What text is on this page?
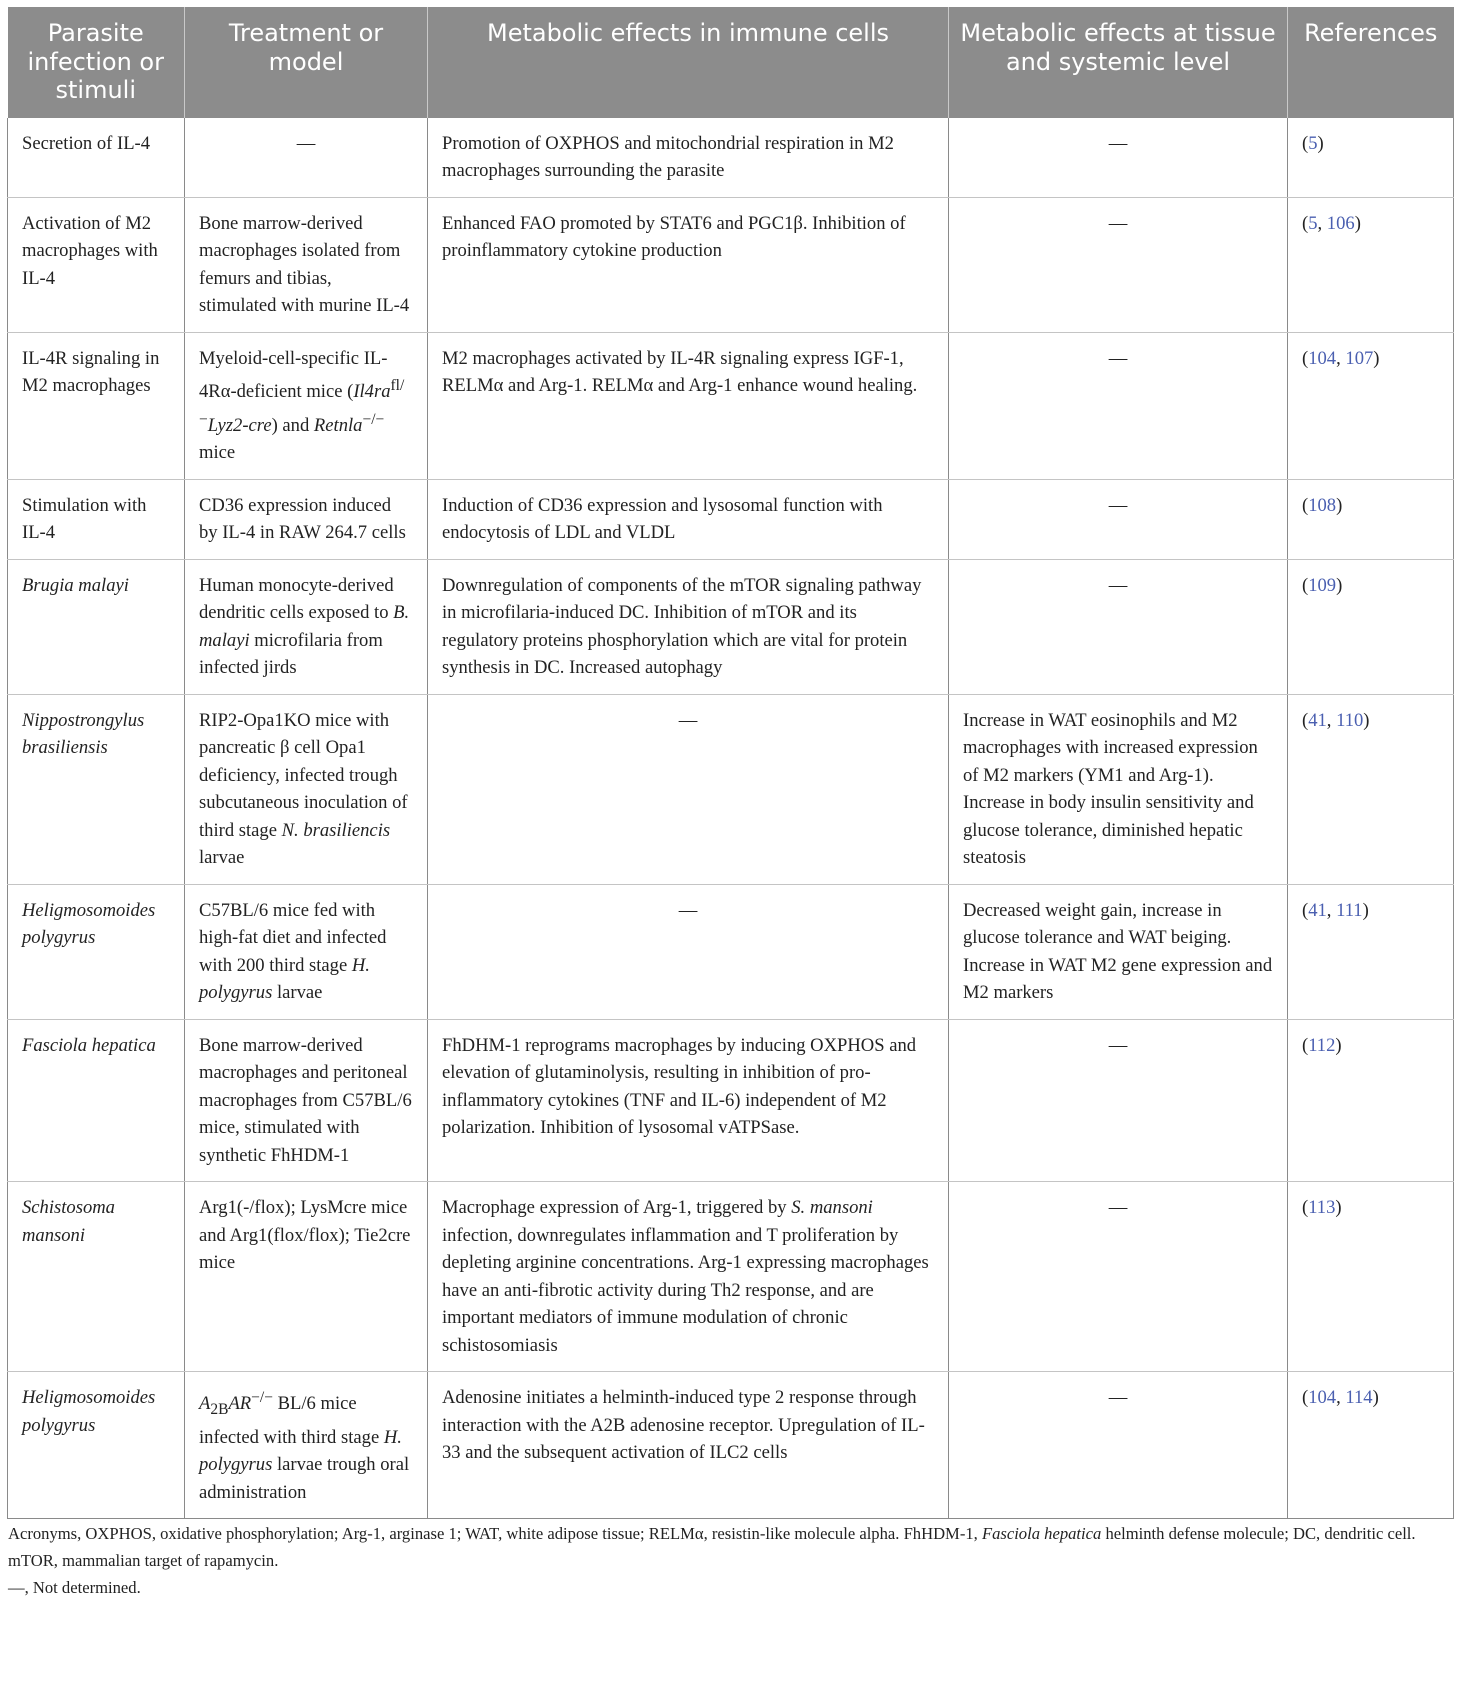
Parasite infection or stimuli	Treatment or model	Metabolic effects in immune cells	Metabolic effects at tissue and systemic level	References
Secretion of IL-4	—	Promotion of OXPHOS and mitochondrial respiration in M2 macrophages surrounding the parasite	—	(5)
Activation of M2 macrophages with IL-4	Bone marrow-derived macrophages isolated from femurs and tibias, stimulated with murine IL-4	Enhanced FAO promoted by STAT6 and PGC1β. Inhibition of proinflammatory cytokine production	—	(5, 106)
IL-4R signaling in M2 macrophages	Myeloid-cell-specific IL-4Rα-deficient mice $(Il4ra^{fl/-}Lyz2-cre)$ and Retnla−/− mice	M2 macrophages activated by IL-4R signaling express IGF-1, RELMα and Arg-1. RELMα and Arg-1 enhance wound healing.	—	(104, 107)
Stimulation with IL-4	CD36 expression induced by IL-4 in RAW 264.7 cells	Induction of CD36 expression and lysosomal function with endocytosis of LDL and VLDL	—	(108)
Brugia malayi	Human monocyte-derived dendritic cells exposed to B. malayi microfilaria from infected jirds	Downregulation of components of the mTOR signaling pathway in microfilaria-induced DC. Inhibition of mTOR and its regulatory proteins phosphorylation which are vital for protein synthesis in DC. Increased autophagy	—	(109)
Nippostrongylus brasiliensis	RIP2-Opa1KO mice with pancreatic β cell Opa1 deficiency, infected trough subcutaneous inoculation of third stage N. brasiliencis larvae	—	Increase in WAT eosinophils and M2 macrophages with increased expression of M2 markers (YM1 and Arg-1). Increase in body insulin sensitivity and glucose tolerance, diminished hepatic steatosis	(41, 110)
Heligmosomoides polygyrus	C57BL/6 mice fed with high-fat diet and infected with 200 third stage H. polygyrus larvae	—	Decreased weight gain, increase in glucose tolerance and WAT beiging. Increase in WAT M2 gene expression and M2 markers	(41, 111)
Fasciola hepatica	Bone marrow-derived macrophages and peritoneal macrophages from C57BL/6 mice, stimulated with synthetic FhHDM-1	FhDHM-1 reprograms macrophages by inducing OXPHOS and elevation of glutaminolysis, resulting in inhibition of pro-inflammatory cytokines (TNF and IL-6) independent of M2 polarization. Inhibition of lysosomal vATPSase.	—	(112)
Schistosoma mansoni	Arg1(-/flox); LysMcre mice and Arg1(flox/flox); Tie2cre mice	Macrophage expression of Arg-1, triggered by S. mansoni infection, downregulates inflammation and T proliferation by depleting arginine concentrations. Arg-1 expressing macrophages have an anti-fibrotic activity during Th2 response, and are important mediators of immune modulation of chronic schistosomiasis	—	(113)
Heligmosomoides polygyrus	$A_{2B}AR^{-/-}$ BL/6 mice infected with third stage H. polygyrus larvae trough oral administration	Adenosine initiates a helminth-induced type 2 response through interaction with the A2B adenosine receptor. Upregulation of IL-33 and the subsequent activation of ILC2 cells	—	(104, 114)

Acronyms, OXPHOS, oxidative phosphorylation; Arg-1, arginase 1; WAT, white adipose tissue; RELMα, resistin-like molecule alpha. FhHDM-1, Fasciola hepatica helminth defense molecule; DC, dendritic cell. mTOR, mammalian target of rapamycin.

—, Not determined.
